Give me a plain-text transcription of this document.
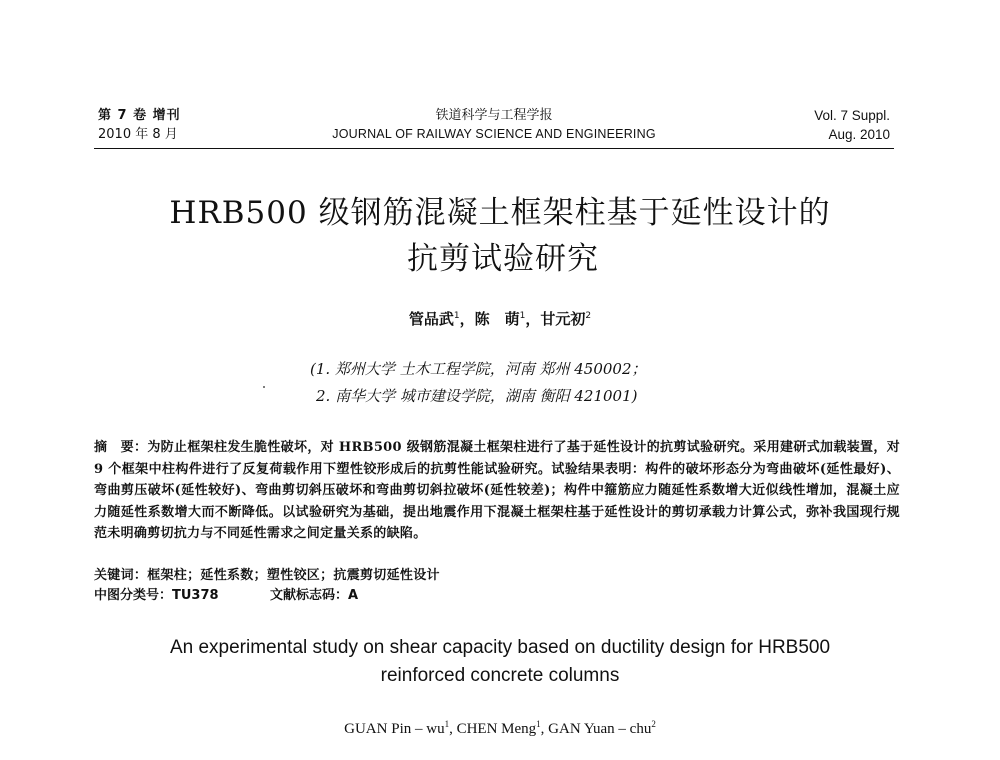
第 7 卷 增刊
2010 年 8 月
铁道科学与工程学报
JOURNAL OF RAILWAY SCIENCE AND ENGINEERING
Vol. 7 Suppl.
Aug. 2010
HRB500 级钢筋混凝土框架柱基于延性设计的
抗剪试验研究
管品武$^1$，陈　萌$^1$，甘元初$^2$
(1. 郑州大学 土木工程学院，河南 郑州 450002；
2. 南华大学 城市建设学院，湖南 衡阳 421001)
摘　要：为防止框架柱发生脆性破坏，对 HRB500 级钢筋混凝土框架柱进行了基于延性设计的抗剪试验研究。采用建研式加载装置，对 9 个框架中柱构件进行了反复荷载作用下塑性铰形成后的抗剪性能试验研究。试验结果表明：构件的破坏形态分为弯曲破坏(延性最好)、弯曲剪压破坏(延性较好)、弯曲剪切斜压破坏和弯曲剪切斜拉破坏(延性较差)；构件中箍筋应力随延性系数增大近似线性增加，混凝土应力随延性系数增大而不断降低。以试验研究为基础，提出地震作用下混凝土框架柱基于延性设计的剪切承载力计算公式，弥补我国现行规范未明确剪切抗力与不同延性需求之间定量关系的缺陷。
关键词：框架柱；延性系数；塑性铰区；抗震剪切延性设计
中图分类号：TU378	文献标志码：A
An experimental study on shear capacity based on ductility design for HRB500
reinforced concrete columns
GUAN Pin – $wu^1$, CHEN Meng$^1$, GAN Yuan – chu$^2$
